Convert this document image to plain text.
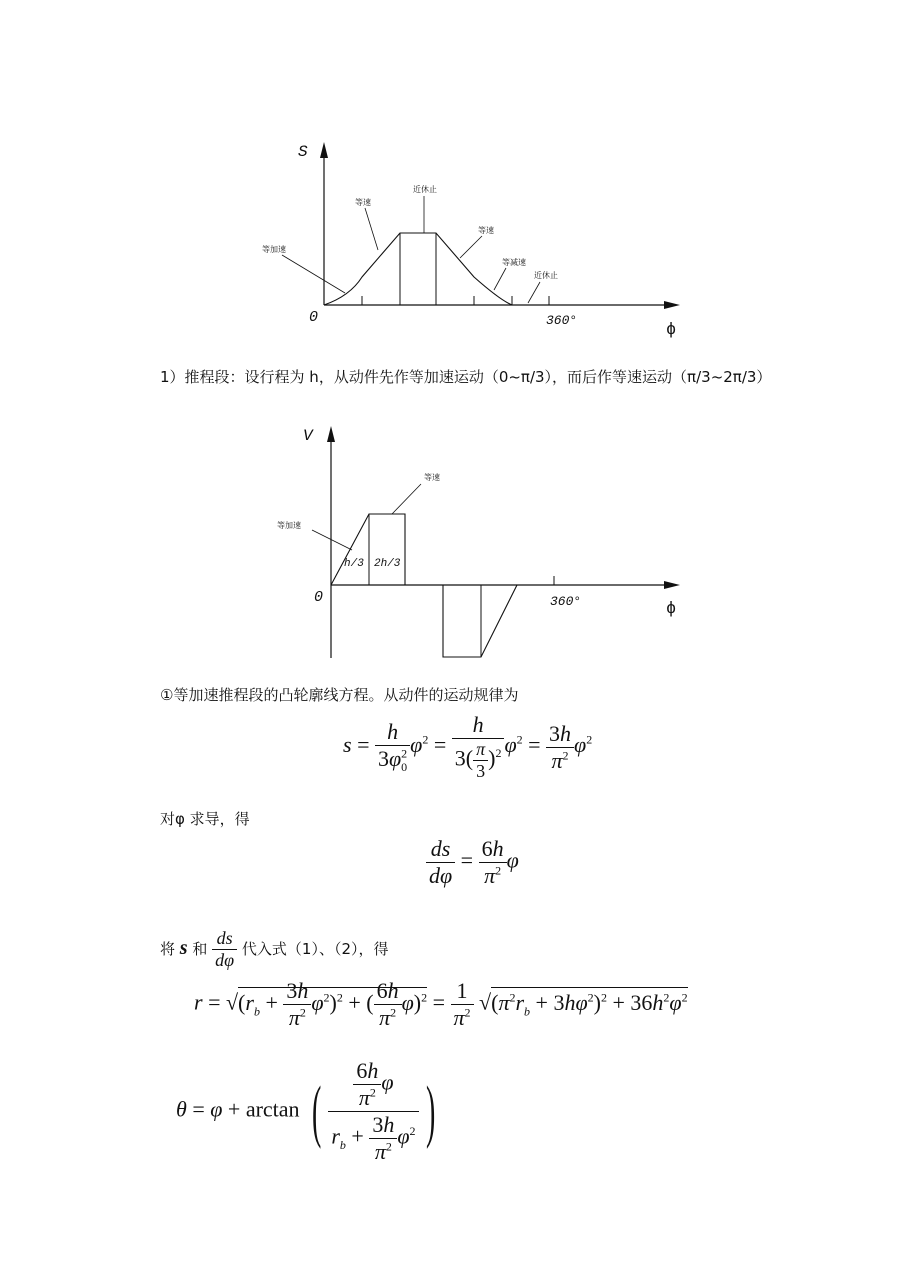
S
0	360°
ϕ
等加速
等速
近休止
等速
等减速
近休止
1）推程段：设行程为 h，从动件先作等加速运动（0~π/3），而后作等速运动（π/3~2π/3）
V
0	360°	ϕ
h/3 2h/3
等加速
等速
①等加速推程段的凸轮廓线方程。从动件的运动规律为
$s = \frac{h}{3\varphi^2_0} \varphi^2 = \frac{h}{3( \frac{\pi}{3} )^2} \varphi^2 = \frac{3h}{\pi^2} \varphi^2$
对φ 求导，得
$\frac{ds}{d\varphi} = \frac{6h}{\pi^2}$ φ
将 s 和 $\frac{ds}{d\varphi}$ 代入式（1）、（2），得
$r = √(r_b + \frac{3h}{\pi^2} \varphi^2)^2$ + ( $\frac{6h}{\pi^2} \varphi)^2 = \frac{1}{\pi^2} √(\pi^2r_b + 3h\varphi^2)^2 + 36h^2\varphi^2$
θ = φ + arctan ( $\frac{\frac{6h}{\pi^2} \varphi}{r_b + \frac{3h}{\pi^2} \varphi^2}$ )
